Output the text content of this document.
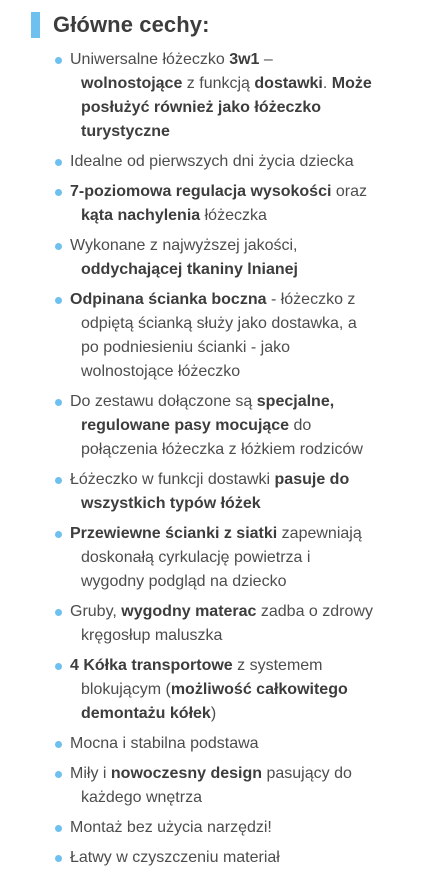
Główne cechy:
Uniwersalne łóżeczko 3w1 –
wolnostojące z funkcją dostawki. Może
posłużyć również jako łóżeczko
turystyczne
Idealne od pierwszych dni życia dziecka
7-poziomowa regulacja wysokości oraz
kąta nachylenia łóżeczka
Wykonane z najwyższej jakości,
oddychającej tkaniny lnianej
Odpinana ścianka boczna - łóżeczko z
odpiętą ścianką służy jako dostawka, a
po podniesieniu ścianki - jako
wolnostojące łóżeczko
Do zestawu dołączone są specjalne,
regulowane pasy mocujące do
połączenia łóżeczka z łóżkiem rodziców
Łóżeczko w funkcji dostawki pasuje do
wszystkich typów łóżek
Przewiewne ścianki z siatki zapewniają
doskonałą cyrkulację powietrza i
wygodny podgląd na dziecko
Gruby, wygodny materac zadba o zdrowy
kręgosłup maluszka
4 Kółka transportowe z systemem
blokującym (możliwość całkowitego
demontażu kółek)
Mocna i stabilna podstawa
Miły i nowoczesny design pasujący do
każdego wnętrza
Montaż bez użycia narzędzi!
Łatwy w czyszczeniu materiał
